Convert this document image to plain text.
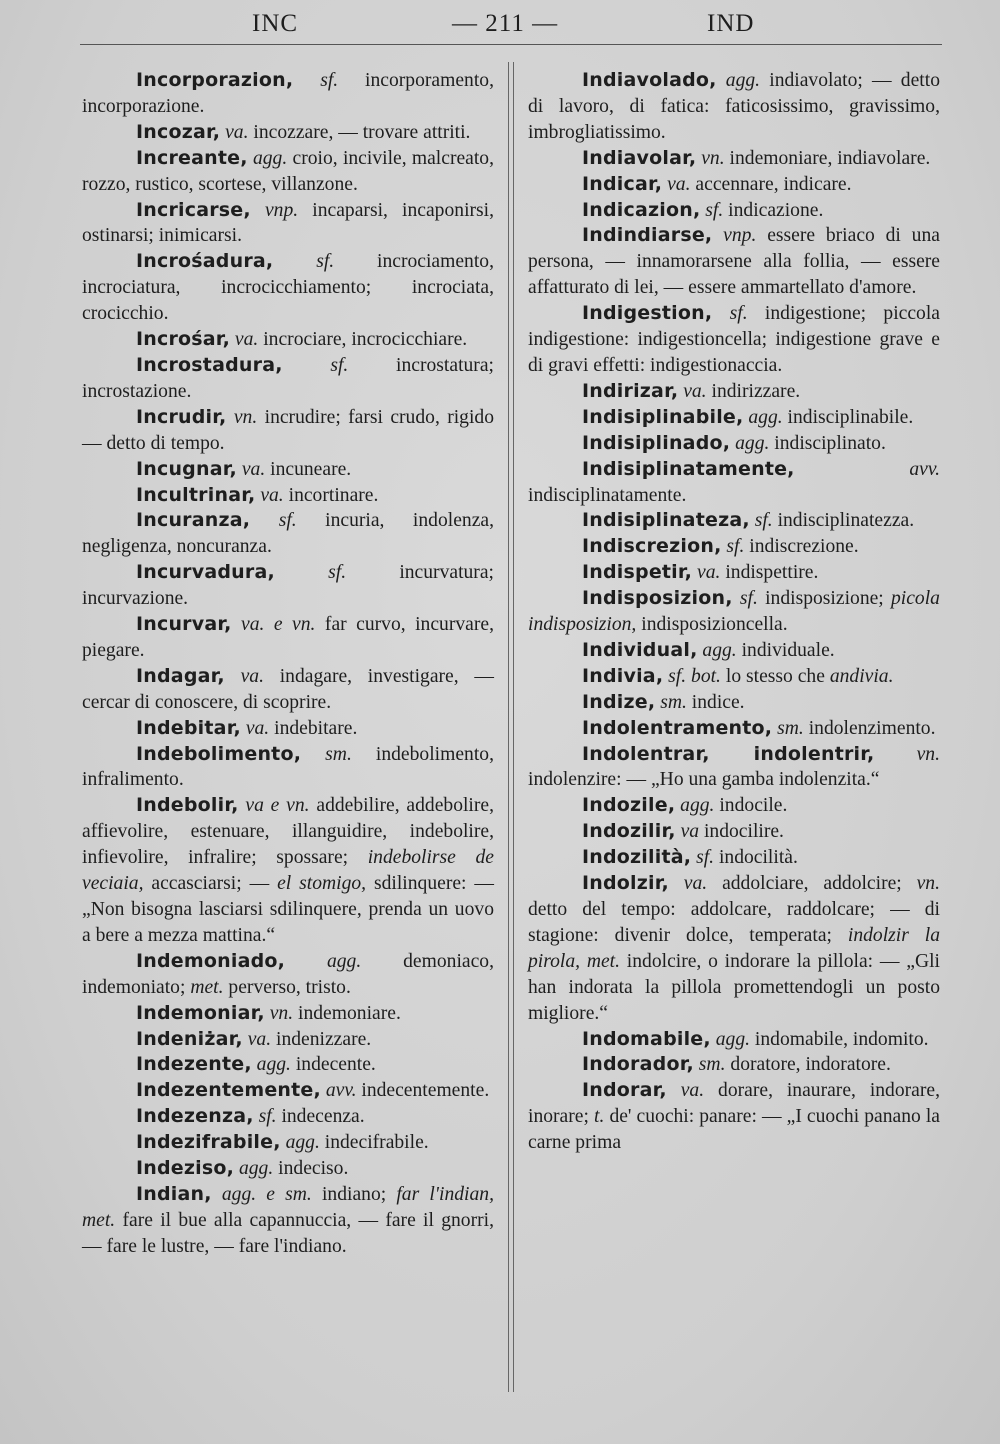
INC	— 211 —	IND

Incorporazion, sf. incorporamento, incorporazione.

Incozar, va. incozzare, — trovare attriti.

Increante, agg. croio, incivile, malcreato, rozzo, rustico, scortese, villanzone.

Incricarse, vnp. incaparsi, incaponirsi, ostinarsi; inimicarsi.

Incrośadura, sf. incrociamento, incrociatura, incrocicchiamento; incrociata, crocicchio.

Incrośar, va. incrociare, incrocicchiare.

Incrostadura, sf. incrostatura; incrostazione.

Incrudir, vn. incrudire; farsi crudo, rigido — detto di tempo.

Incugnar, va. incuneare.

Incultrinar, va. incortinare.

Incuranza, sf. incuria, indolenza, negligenza, noncuranza.

Incurvadura,	sf.	incurvatura; incurvazione.

Incurvar, va. e vn. far curvo, incurvare, piegare.

Indagar, va. indagare, investigare, — cercar di conoscere, di scoprire.

Indebitar, va. indebitare.

Indebolimento, sm. indebolimento, infralimento.

Indebolir, va e vn. addebilire, addebolire, affievolire, estenuare, illanguidire, indebolire, infievolire, infralire; spossare; indebolirse de veciaia, accasciarsi; — el stomigo, sdilinquere: — „Non bisogna lasciarsi sdilinquere, prenda un uovo a bere a mezza mattina.“

Indemoniado, agg. demoniaco, indemoniato; met. perverso, tristo.

Indemoniar, vn. indemoniare.

Indeniżar, va. indenizzare.

Indezente, agg. indecente.

Indezentemente, avv. indecentemente.

Indezenza, sf. indecenza.

Indezifrabile, agg. indecifrabile.

Indeziso, agg. indeciso.

Indian, agg. e sm. indiano; far l'indian, met. fare il bue alla capannuccia, — fare il gnorri, — fare le lustre, — fare l'indiano.

Indiavolado, agg. indiavolato; — detto di lavoro, di fatica: faticosissimo, gravissimo, imbrogliatissimo.

Indiavolar, vn. indemoniare, indiavolare.

Indicar, va. accennare, indicare.

Indicazion, sf. indicazione.

Indindiarse, vnp. essere briaco di una persona, — innamorarsene alla follia, — essere affatturato di lei, — essere ammartellato d'amore.

Indigestion, sf. indigestione; piccola indigestione: indigestioncella; indigestione grave e di gravi effetti: indigestionaccia.

Indirizar, va. indirizzare.

Indisiplinabile, agg. indisciplinabile.

Indisiplinado, agg. indisciplinato.

Indisiplinatamente,	avv. indisciplinatamente.

Indisiplinateza, sf. indisciplinatezza.

Indiscrezion, sf. indiscrezione.

Indispetir, va. indispettire.

Indisposizion, sf. indisposizione; picola indisposizion, indisposizioncella.

Individual, agg. individuale.

Indivia, sf. bot. lo stesso che andivia.

Indize, sm. indice.

Indolentramento, sm. indolenzimento.

Indolentrar, indolentrir, vn. indolenzire: — „Ho una gamba indolenzita.“

Indozile, agg. indocile.

Indozilir, va indocilire.

Indozilità, sf. indocilità.

Indolzir, va. addolciare, addolcire; vn. detto del tempo: addolcare, raddolcare; — di stagione: divenir dolce, temperata; indolzir la pirola, met. indolcire, o indorare la pillola: — „Gli han indorata la pillola promettendogli un posto migliore.“

Indomabile, agg. indomabile, indomito.

Indorador, sm. doratore, indoratore.

Indorar, va. dorare, inaurare, indorare, inorare; t. de' cuochi: panare: — „I cuochi panano la carne prima
